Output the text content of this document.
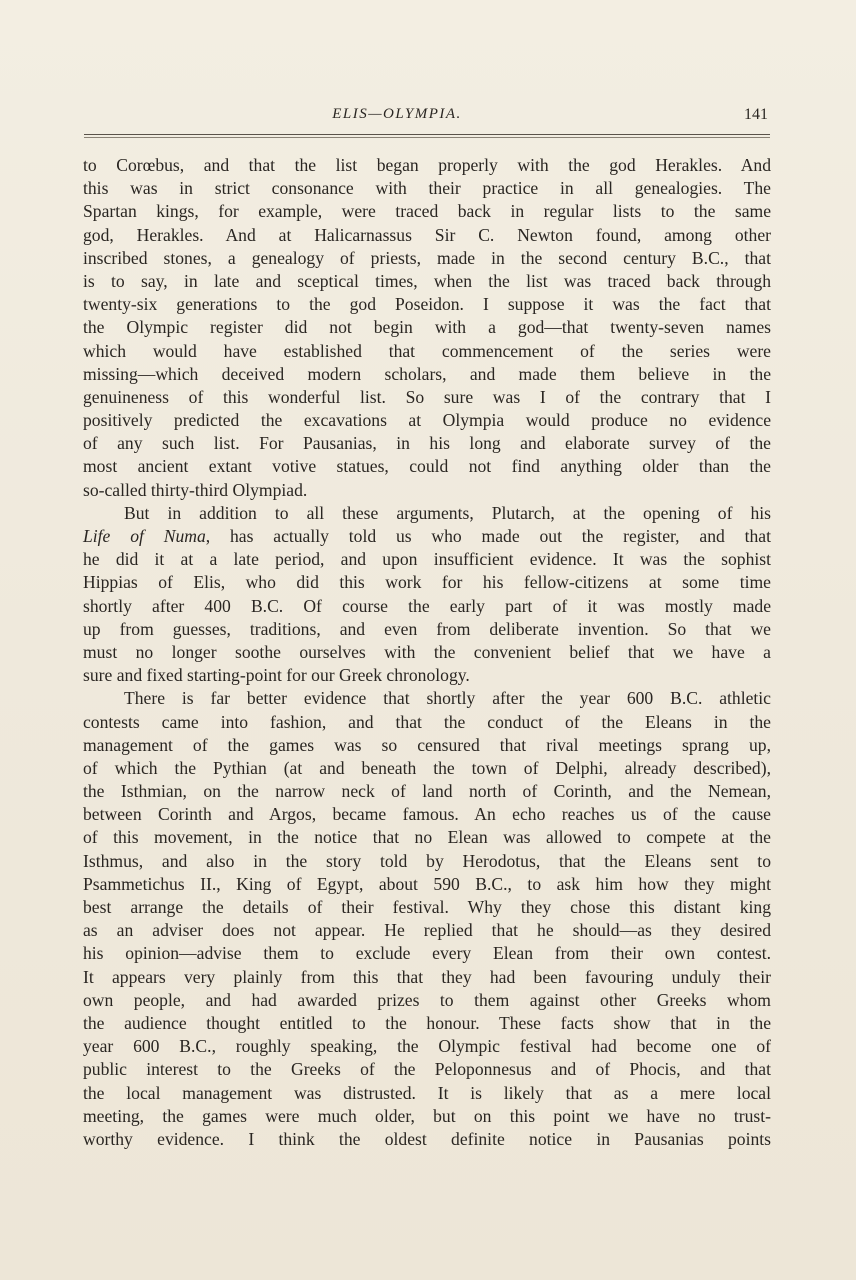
ELIS—OLYMPIA.	141
to Corœbus, and that the list began properly with the god Herakles. And
this was in strict consonance with their practice in all genealogies. The
Spartan kings, for example, were traced back in regular lists to the same
god, Herakles. And at Halicarnassus Sir C. Newton found, among other
inscribed stones, a genealogy of priests, made in the second century B.C., that
is to say, in late and sceptical times, when the list was traced back through
twenty-six generations to the god Poseidon. I suppose it was the fact that
the Olympic register did not begin with a god—that twenty-seven names
which would have established that commencement of the series were
missing—which deceived modern scholars, and made them believe in the
genuineness of this wonderful list. So sure was I of the contrary that I
positively predicted the excavations at Olympia would produce no evidence
of any such list. For Pausanias, in his long and elaborate survey of the
most ancient extant votive statues, could not find anything older than the
so-called thirty-third Olympiad.
But in addition to all these arguments, Plutarch, at the opening of his
Life of Numa, has actually told us who made out the register, and that
he did it at a late period, and upon insufficient evidence. It was the sophist
Hippias of Elis, who did this work for his fellow-citizens at some time
shortly after 400 B.C. Of course the early part of it was mostly made
up from guesses, traditions, and even from deliberate invention. So that we
must no longer soothe ourselves with the convenient belief that we have a
sure and fixed starting-point for our Greek chronology.
There is far better evidence that shortly after the year 600 B.C. athletic
contests came into fashion, and that the conduct of the Eleans in the
management of the games was so censured that rival meetings sprang up,
of which the Pythian (at and beneath the town of Delphi, already described),
the Isthmian, on the narrow neck of land north of Corinth, and the Nemean,
between Corinth and Argos, became famous. An echo reaches us of the cause
of this movement, in the notice that no Elean was allowed to compete at the
Isthmus, and also in the story told by Herodotus, that the Eleans sent to
Psammetichus II., King of Egypt, about 590 B.C., to ask him how they might
best arrange the details of their festival. Why they chose this distant king
as an adviser does not appear. He replied that he should—as they desired
his opinion—advise them to exclude every Elean from their own contest.
It appears very plainly from this that they had been favouring unduly their
own people, and had awarded prizes to them against other Greeks whom
the audience thought entitled to the honour. These facts show that in the
year 600 B.C., roughly speaking, the Olympic festival had become one of
public interest to the Greeks of the Peloponnesus and of Phocis, and that
the local management was distrusted. It is likely that as a mere local
meeting, the games were much older, but on this point we have no trust-
worthy evidence. I think the oldest definite notice in Pausanias points
